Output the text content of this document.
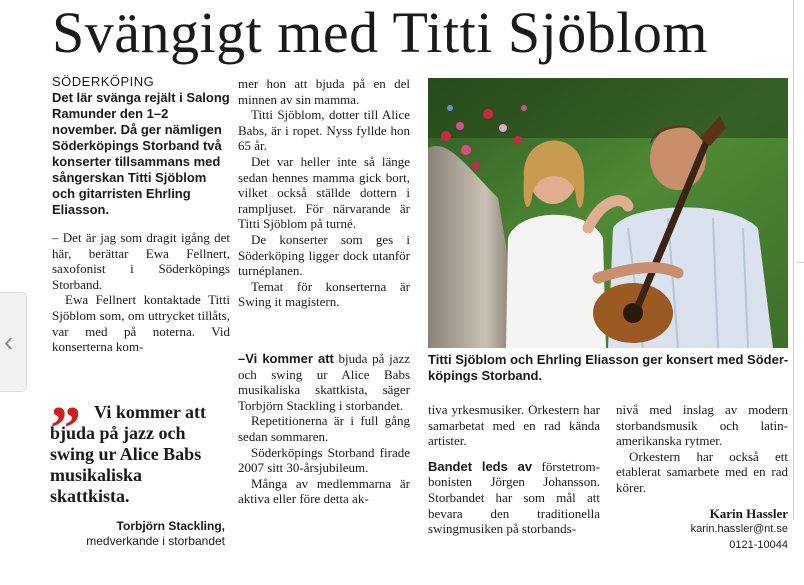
Svängigt med Titti Sjöblom
‹
SÖDERKÖPING
Det lär svänga rejält i Salong Ramunder den 1–2 november. Då ger nämligen Söderköpings Storband två konserter tillsammans med sångerskan Titti Sjöblom och gitarristen Ehrling Eliasson.

– Det är jag som dragit igång det här, berättar Ewa Fellnert, saxofonist i Söderköpings Storband.

Ewa Fellnert kontaktade Titti Sjöblom som, om uttrycket tillåts, var med på noterna. Vid konserterna kom-

” Vi kommer att bjuda på jazz och swing ur Alice Babs musikaliska skattkista.
Torbjörn Stackling,
medverkande i storbandet

mer hon att bjuda på en del minnen av sin mamma.

Titti Sjöblom, dotter till Alice Babs, är i ropet. Nyss fyllde hon 65 år.

Det var heller inte så länge sedan hennes mamma gick bort, vilket också ställde dottern i rampljuset. För närvarande är Titti Sjöblom på turné.

De konserter som ges i Söderköping ligger dock utanför turnéplanen.

Temat för konserterna är Swing it magistern.

–Vi kommer att bjuda på jazz och swing ur Alice Babs musikaliska skattkista, säger Torbjörn Stackling i storbandet.

Repetitionerna är i full gång sedan sommaren.

Söderköpings Storband firade 2007 sitt 30-årsjubileum.

Många av medlemmarna är aktiva eller före detta ak-

Titti Sjöblom och Ehrling Eliasson ger konsert med Söderköpings Storband.

tiva yrkesmusiker. Orkestern har samarbetat med en rad kända artister.

Bandet leds av förstetrombonisten Jörgen Johansson. Storbandet har som mål att bevara den traditionella swingmusiken på storbands-

nivå med inslag av modern storbandsmusik och latinamerikanska rytmer.

Orkestern har också ett etablerat samarbete med en rad körer.

Karin Hassler
karin.hassler@nt.se
0121-10044
